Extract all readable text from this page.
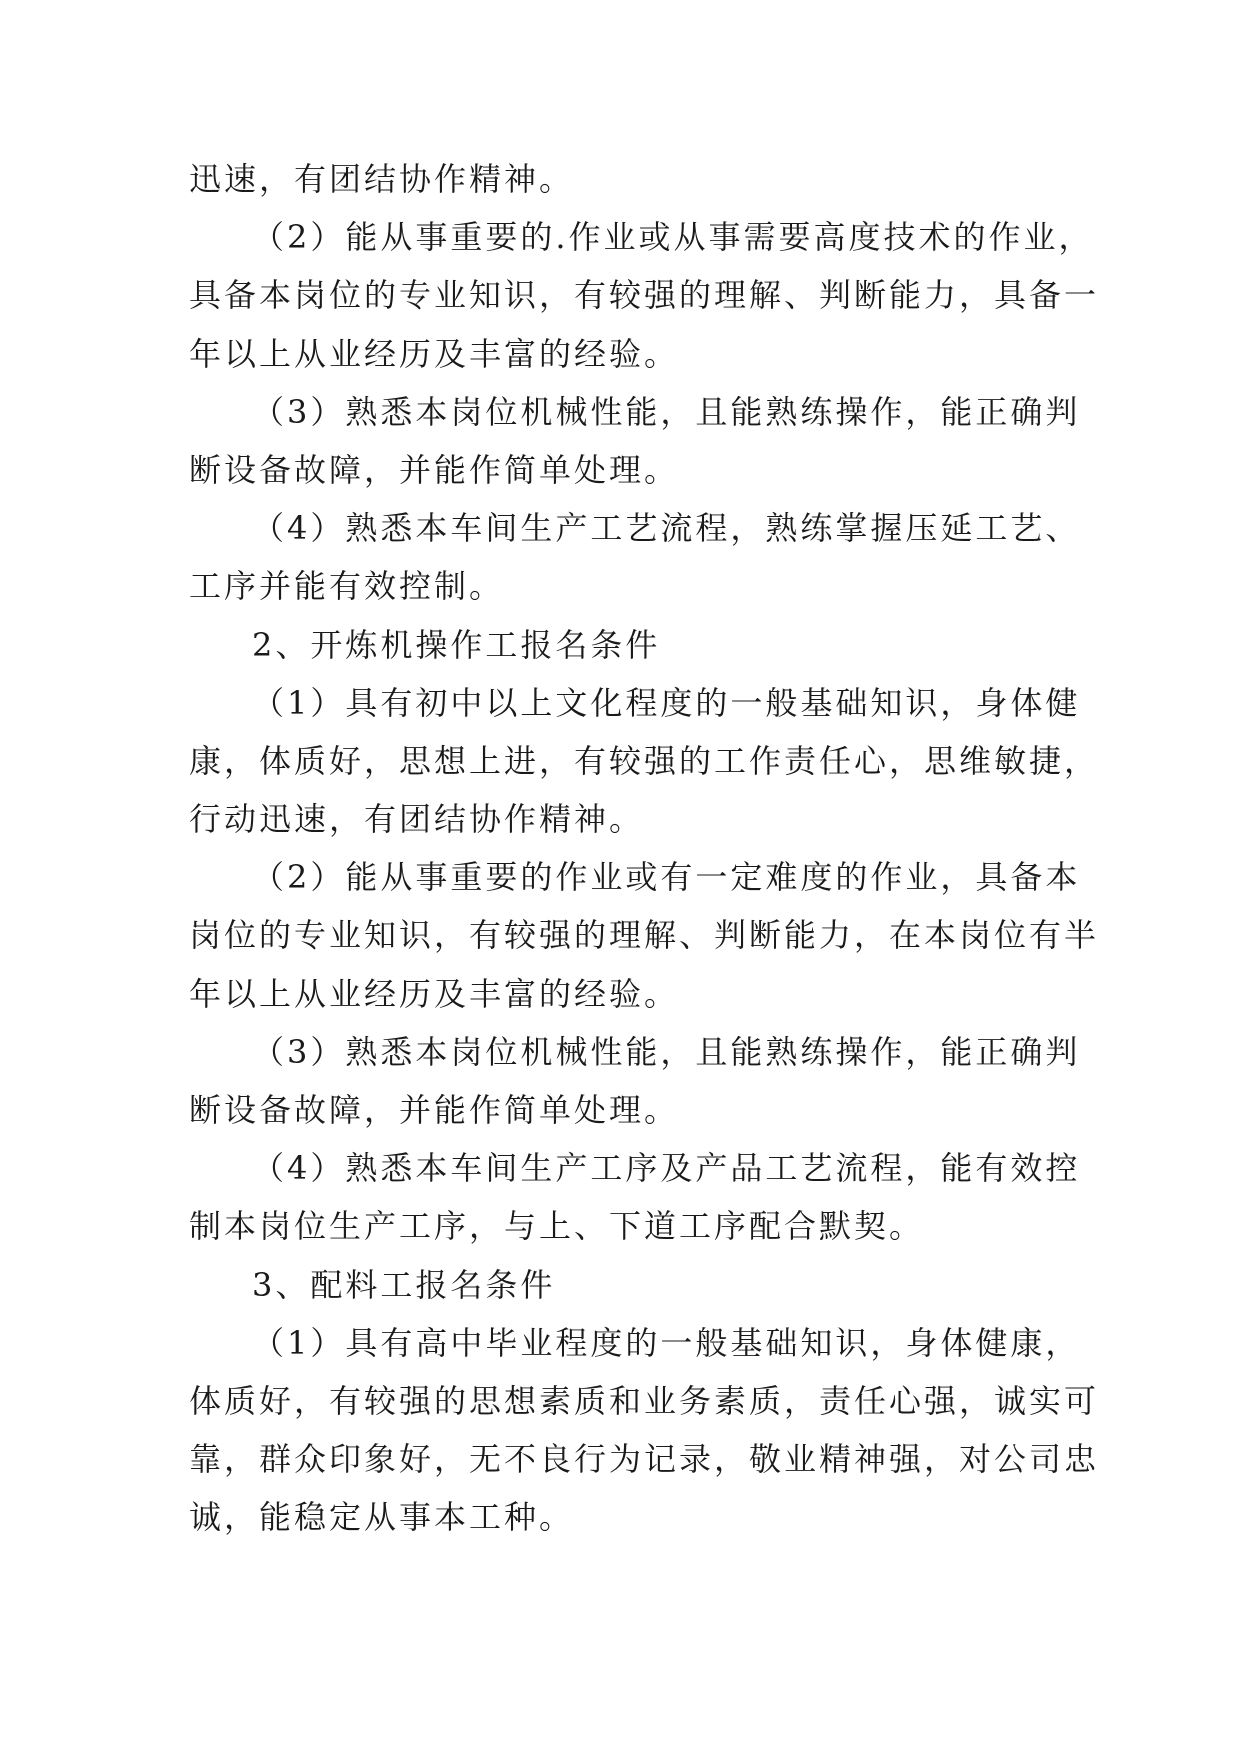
迅速，有团结协作精神。
（2）能从事重要的.作业或从事需要高度技术的作业，
具备本岗位的专业知识，有较强的理解、判断能力，具备一
年以上从业经历及丰富的经验。
（3）熟悉本岗位机械性能，且能熟练操作，能正确判
断设备故障，并能作简单处理。
（4）熟悉本车间生产工艺流程，熟练掌握压延工艺、
工序并能有效控制。
2、开炼机操作工报名条件
（1）具有初中以上文化程度的一般基础知识，身体健
康，体质好，思想上进，有较强的工作责任心，思维敏捷，
行动迅速，有团结协作精神。
（2）能从事重要的作业或有一定难度的作业，具备本
岗位的专业知识，有较强的理解、判断能力，在本岗位有半
年以上从业经历及丰富的经验。
（3）熟悉本岗位机械性能，且能熟练操作，能正确判
断设备故障，并能作简单处理。
（4）熟悉本车间生产工序及产品工艺流程，能有效控
制本岗位生产工序，与上、下道工序配合默契。
3、配料工报名条件
（1）具有高中毕业程度的一般基础知识，身体健康，
体质好，有较强的思想素质和业务素质，责任心强，诚实可
靠，群众印象好，无不良行为记录，敬业精神强，对公司忠
诚，能稳定从事本工种。
